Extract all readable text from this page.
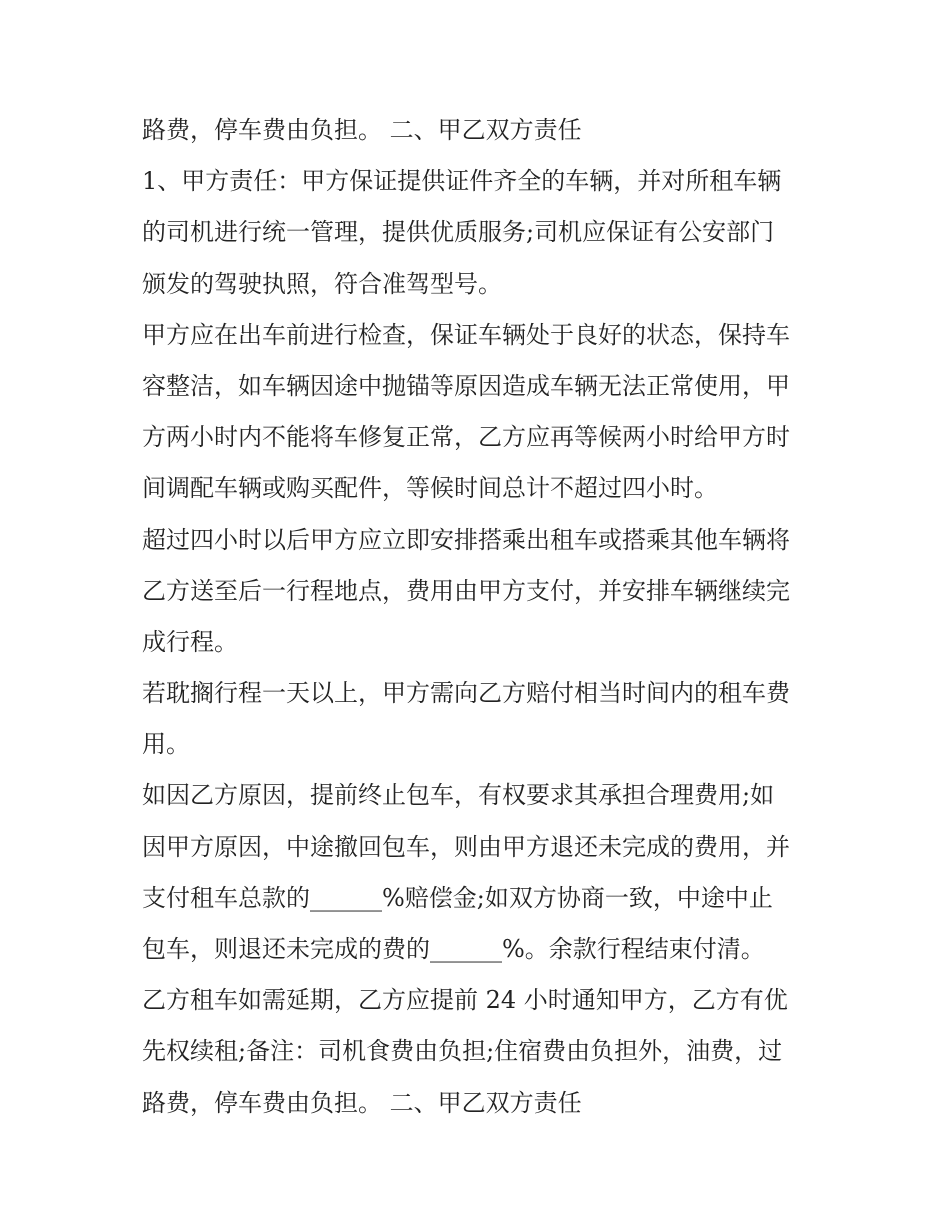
路费，停车费由负担。 二、甲乙双方责任
1、甲方责任：甲方保证提供证件齐全的车辆，并对所租车辆
的司机进行统一管理，提供优质服务;司机应保证有公安部门
颁发的驾驶执照，符合准驾型号。
甲方应在出车前进行检查，保证车辆处于良好的状态，保持车
容整洁，如车辆因途中抛锚等原因造成车辆无法正常使用，甲
方两小时内不能将车修复正常，乙方应再等候两小时给甲方时
间调配车辆或购买配件，等候时间总计不超过四小时。
超过四小时以后甲方应立即安排搭乘出租车或搭乘其他车辆将
乙方送至后一行程地点，费用由甲方支付，并安排车辆继续完
成行程。
若耽搁行程一天以上，甲方需向乙方赔付相当时间内的租车费
用。
如因乙方原因，提前终止包车，有权要求其承担合理费用;如
因甲方原因，中途撤回包车，则由甲方退还未完成的费用，并
支付租车总款的______%赔偿金;如双方协商一致，中途中止
包车，则退还未完成的费的______%。余款行程结束付清。
乙方租车如需延期，乙方应提前 24 小时通知甲方，乙方有优
先权续租;备注：司机食费由负担;住宿费由负担外，油费，过
路费，停车费由负担。 二、甲乙双方责任
